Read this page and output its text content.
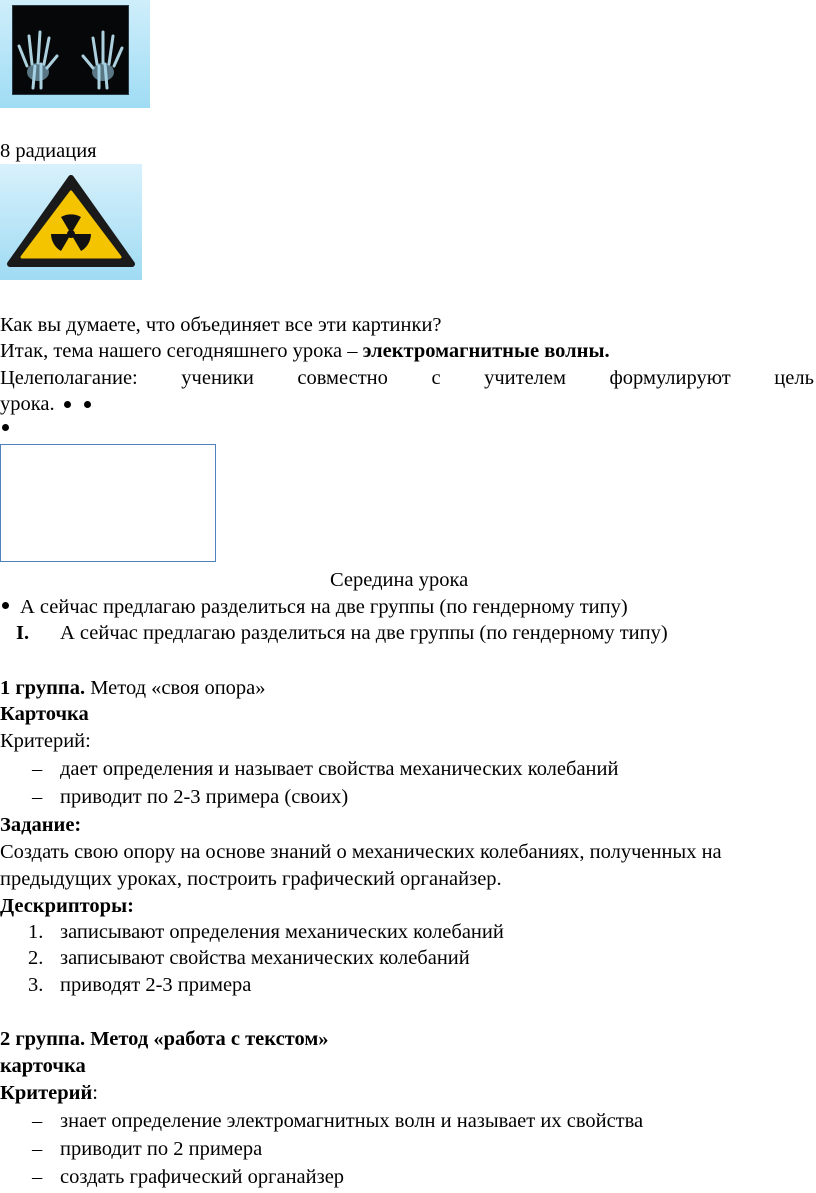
8 радиация
Как вы думаете, что объединяет все эти картинки?
Итак, тема нашего сегодняшнего урока – электромагнитные волны.
Целеполагание: ученики совместно с учителем формулируют цель
урока.
Середина урока
А сейчас предлагаю разделиться на две группы (по гендерному типу)
I. А сейчас предлагаю разделиться на две группы (по гендерному типу)
1 группа. Метод «своя опора»
Карточка
Критерий:
– дает определения и называет свойства механических колебаний
– приводит по 2-3 примера (своих)
Задание:
Создать свою опору на основе знаний о механических колебаниях, полученных на
предыдущих уроках, построить графический органайзер.
Дескрипторы:
1. записывают определения механических колебаний
2. записывают свойства механических колебаний
3. приводят 2-3 примера
2 группа. Метод «работа с текстом»
карточка
Критерий:
– знает определение электромагнитных волн и называет их свойства
– приводит по 2 примера
– создать графический органайзер
